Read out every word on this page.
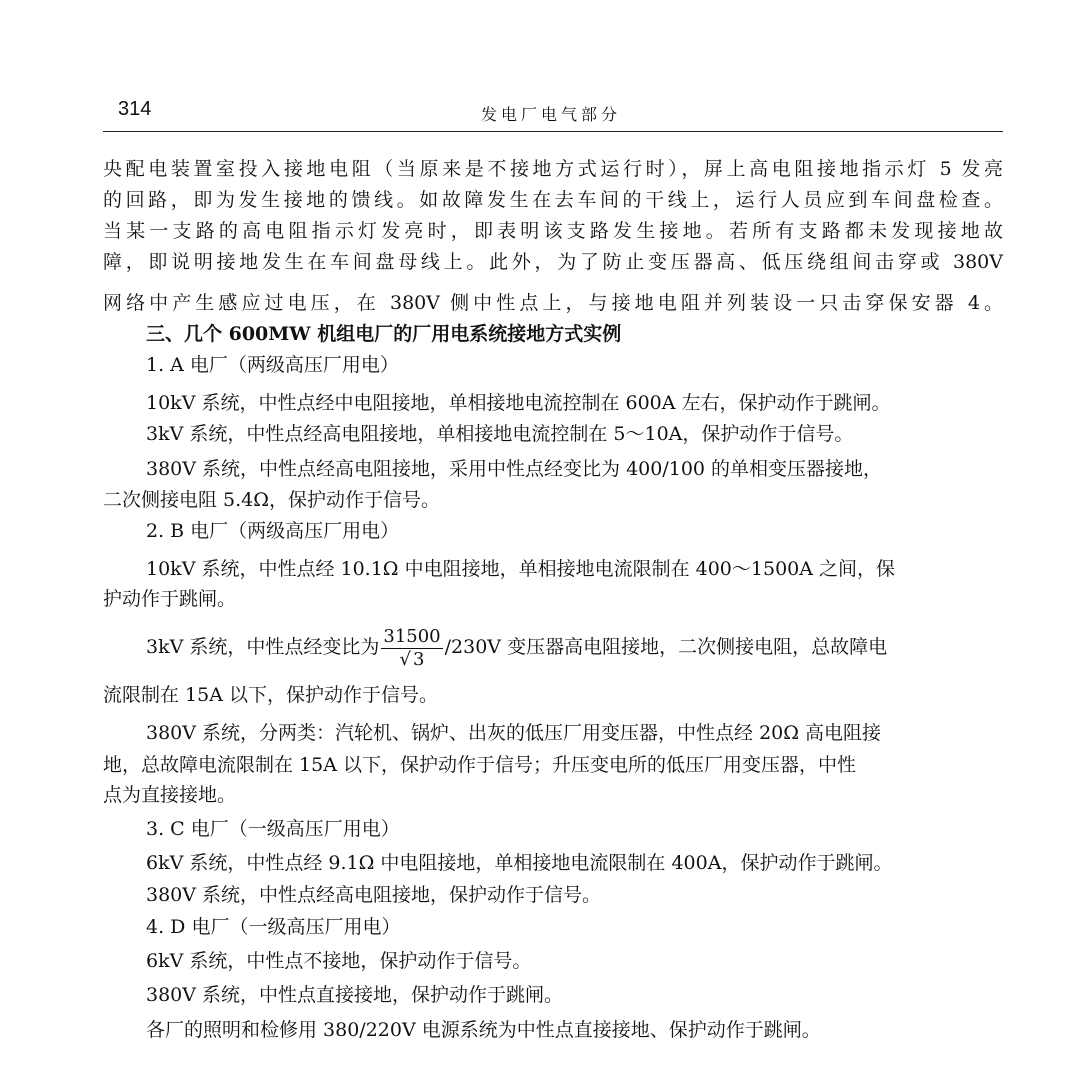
314	发电厂电气部分
央配电装置室投入接地电阻（当原来是不接地方式运行时），屏上高电阻接地指示灯 5 发亮
的回路，即为发生接地的馈线。如故障发生在去车间的干线上，运行人员应到车间盘检查。
当某一支路的高电阻指示灯发亮时，即表明该支路发生接地。若所有支路都未发现接地故
障，即说明接地发生在车间盘母线上。此外，为了防止变压器高、低压绕组间击穿或 380V
网络中产生感应过电压，在 380V 侧中性点上，与接地电阻并列装设一只击穿保安器 4。
三、几个 600MW 机组电厂的厂用电系统接地方式实例
1. A 电厂（两级高压厂用电）
10kV 系统，中性点经中电阻接地，单相接地电流控制在 600A 左右，保护动作于跳闸。
3kV 系统，中性点经高电阻接地，单相接地电流控制在 5～10A，保护动作于信号。
380V 系统，中性点经高电阻接地，采用中性点经变比为 400/100 的单相变压器接地，
二次侧接电阻 5.4Ω，保护动作于信号。
2. B 电厂（两级高压厂用电）
10kV 系统，中性点经 10.1Ω 中电阻接地，单相接地电流限制在 400～1500A 之间，保
护动作于跳闸。
3kV 系统，中性点经变比为 $\frac{31500}{√ 3} /230V$ 变压器高电阻接地，二次侧接电阻，总故障电
流限制在 15A 以下，保护动作于信号。
380V 系统，分两类：汽轮机、锅炉、出灰的低压厂用变压器，中性点经 20Ω 高电阻接
地，总故障电流限制在 15A 以下，保护动作于信号；升压变电所的低压厂用变压器，中性
点为直接接地。
3. C 电厂（一级高压厂用电）
6kV 系统，中性点经 9.1Ω 中电阻接地，单相接地电流限制在 400A，保护动作于跳闸。
380V 系统，中性点经高电阻接地，保护动作于信号。
4. D 电厂（一级高压厂用电）
6kV 系统，中性点不接地，保护动作于信号。
380V 系统，中性点直接接地，保护动作于跳闸。
各厂的照明和检修用 380/220V 电源系统为中性点直接接地、保护动作于跳闸。
